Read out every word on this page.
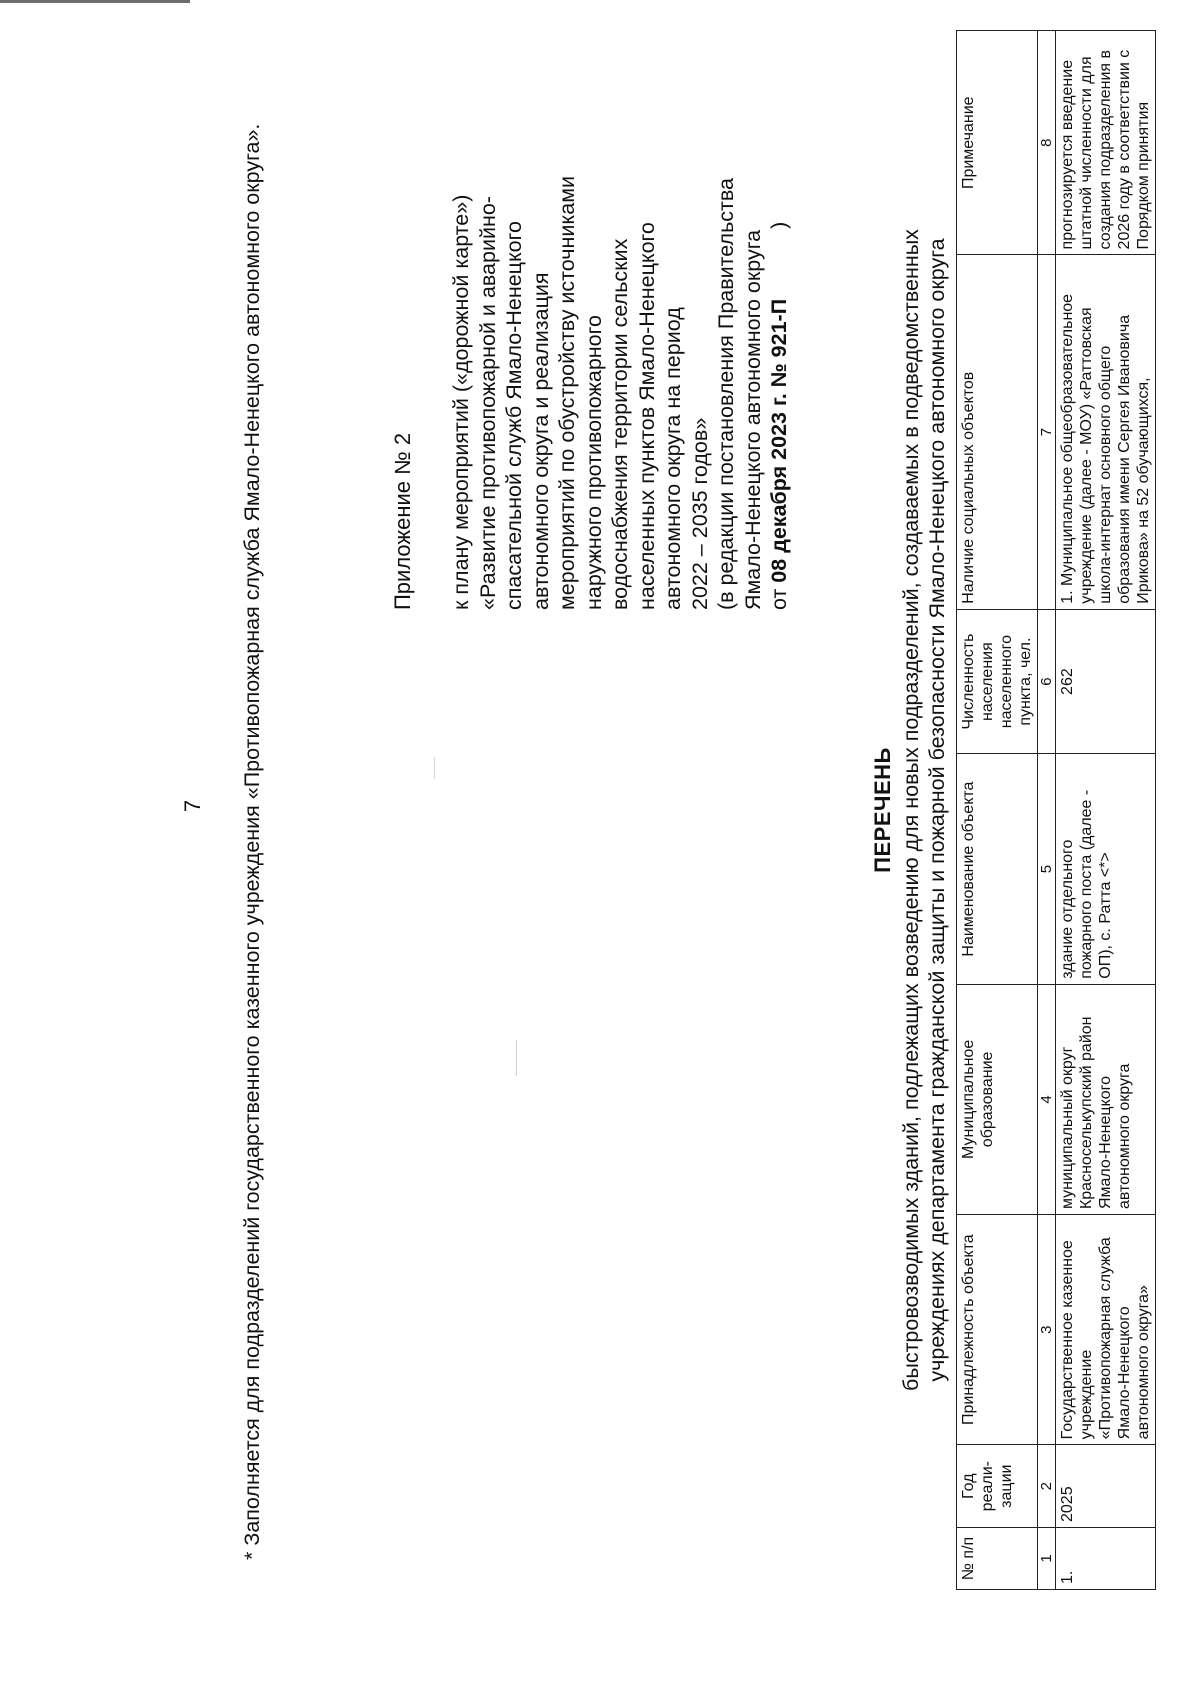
7 * Заполняется для подразделений государственного казенного учреждения «Противопожарная служба Ямало-Ненецкого автономного округа».	Приложение № 2 к плану мероприятий («дорожной карте») «Развитие противопожарной и аварийно- спасательной служб Ямало-Ненецкого автономного округа и реализация мероприятий по обустройству источниками наружного противопожарного водоснабжения территории сельских населенных пунктов Ямало-Ненецкого автономного округа на период 2022 – 2035 годов» (в редакции постановления Правительства Ямало-Ненецкого автономного округа от 08 декабря 2023 г. № 921-П)
ПЕРЕЧЕНЬ быстровозводимых зданий, подлежащих возведению для новых подразделений, создаваемых в подведомственных учреждениях департамента гражданской защиты и пожарной безопасности Ямало-Ненецкого автономного округа
№ п/п	Год реали-зации	Принадлежность объекта	Муниципальное образование	Наименование объекта	Численность населения населенного пункта, чел.	Наличие социальных объектов	Примечание
1	2	3	4	5	6	7	8
1.	2025	Государственное казенное учреждение «Противопожарная служба Ямало-Ненецкого автономного округа»	муниципальный округ Красноселькупский район Ямало-Ненецкого автономного округа	здание отдельного пожарного поста (далее - ОП), с. Ратта <*>	262	1. Муниципальное общеобразовательное учреждение (далее - МОУ) «Раттовская школа-интернат основного общего образования имени Сергея Ивановича Ирикова» на 52 обучающихся,	прогнозируется введение штатной численности для создания подразделения в 2026 году в соответствии с Порядком принятия
